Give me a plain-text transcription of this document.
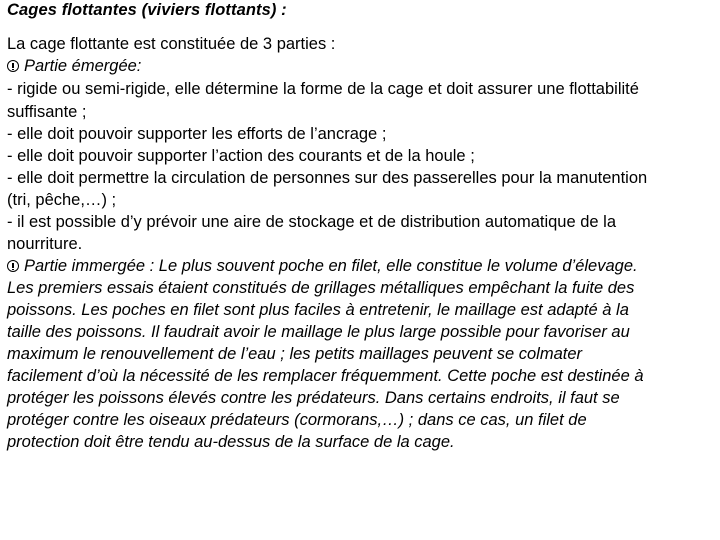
Cages flottantes (viviers flottants) :
La cage flottante est constituée de 3 parties :
Partie émergée:
- rigide ou semi-rigide, elle détermine la forme de la cage et doit assurer une flottabilité
suffisante ;
- elle doit pouvoir supporter les efforts de l’ancrage ;
- elle doit pouvoir supporter l’action des courants et de la houle ;
- elle doit permettre la circulation de personnes sur des passerelles pour la manutention
(tri, pêche,…) ;
- il est possible d’y prévoir une aire de stockage et de distribution automatique de la
nourriture.
Partie immergée : Le plus souvent poche en filet, elle constitue le volume d’élevage.
Les premiers essais étaient constitués de grillages métalliques empêchant la fuite des
poissons. Les poches en filet sont plus faciles à entretenir, le maillage est adapté à la
taille des poissons. Il faudrait avoir le maillage le plus large possible pour favoriser au
maximum le renouvellement de l’eau ; les petits maillages peuvent se colmater
facilement d’où la nécessité de les remplacer fréquemment. Cette poche est destinée à
protéger les poissons élevés contre les prédateurs. Dans certains endroits, il faut se
protéger contre les oiseaux prédateurs (cormorans,…) ; dans ce cas, un filet de
protection doit être tendu au-dessus de la surface de la cage.
